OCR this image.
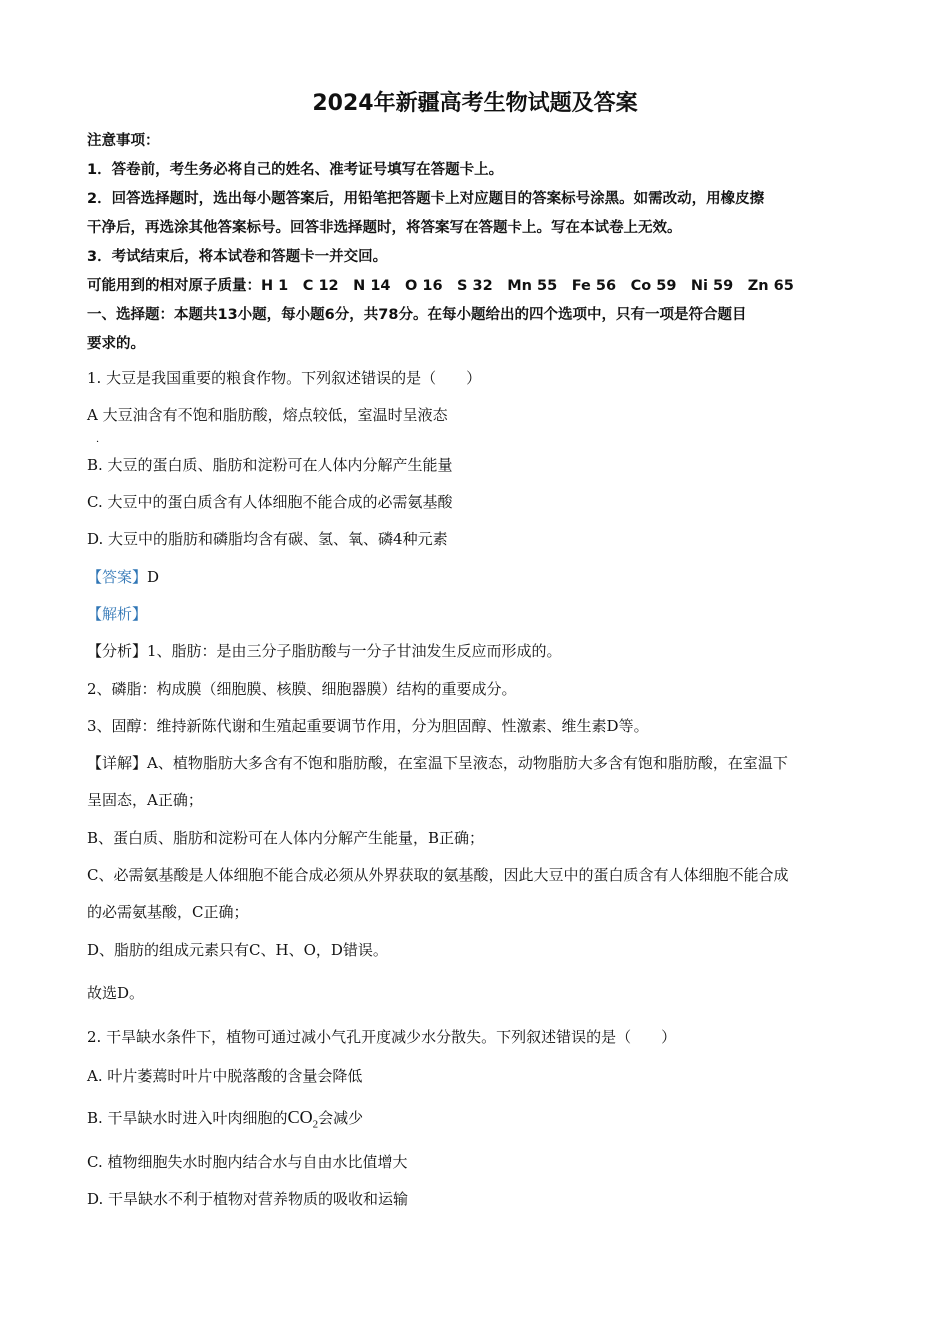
2024年新疆高考生物试题及答案
注意事项：
1．答卷前，考生务必将自己的姓名、准考证号填写在答题卡上。
2．回答选择题时，选出每小题答案后，用铅笔把答题卡上对应题目的答案标号涂黑。如需改动，用橡皮擦
干净后，再选涂其他答案标号。回答非选择题时，将答案写在答题卡上。写在本试卷上无效。
3．考试结束后，将本试卷和答题卡一并交回。
可能用到的相对原子质量：H 1　C 12　N 14　O 16　S 32　Mn 55　Fe 56　Co 59　Ni 59　Zn 65
一、选择题：本题共13小题，每小题6分，共78分。在每小题给出的四个选项中，只有一项是符合题目
要求的。
1. 大豆是我国重要的粮食作物。下列叙述错误的是（　　）
A 大豆油含有不饱和脂肪酸，熔点较低，室温时呈液态
．
B. 大豆的蛋白质、脂肪和淀粉可在人体内分解产生能量
C. 大豆中的蛋白质含有人体细胞不能合成的必需氨基酸
D. 大豆中的脂肪和磷脂均含有碳、氢、氧、磷4种元素
【答案】D
【解析】
【分析】1、脂肪：是由三分子脂肪酸与一分子甘油发生反应而形成的。
2、磷脂：构成膜（细胞膜、核膜、细胞器膜）结构的重要成分。
3、固醇：维持新陈代谢和生殖起重要调节作用，分为胆固醇、性激素、维生素D等。
【详解】A、植物脂肪大多含有不饱和脂肪酸，在室温下呈液态，动物脂肪大多含有饱和脂肪酸，在室温下
呈固态，A正确；
B、蛋白质、脂肪和淀粉可在人体内分解产生能量，B正确；
C、必需氨基酸是人体细胞不能合成必须从外界获取的氨基酸，因此大豆中的蛋白质含有人体细胞不能合成
的必需氨基酸，C正确；
D、脂肪的组成元素只有C、H、O，D错误。
故选D。
2. 干旱缺水条件下，植物可通过减小气孔开度减少水分散失。下列叙述错误的是（　　）
A. 叶片萎蔫时叶片中脱落酸的含量会降低
B. 干旱缺水时进入叶肉细胞的$CO_2$会减少
C. 植物细胞失水时胞内结合水与自由水比值增大
D. 干旱缺水不利于植物对营养物质的吸收和运输
